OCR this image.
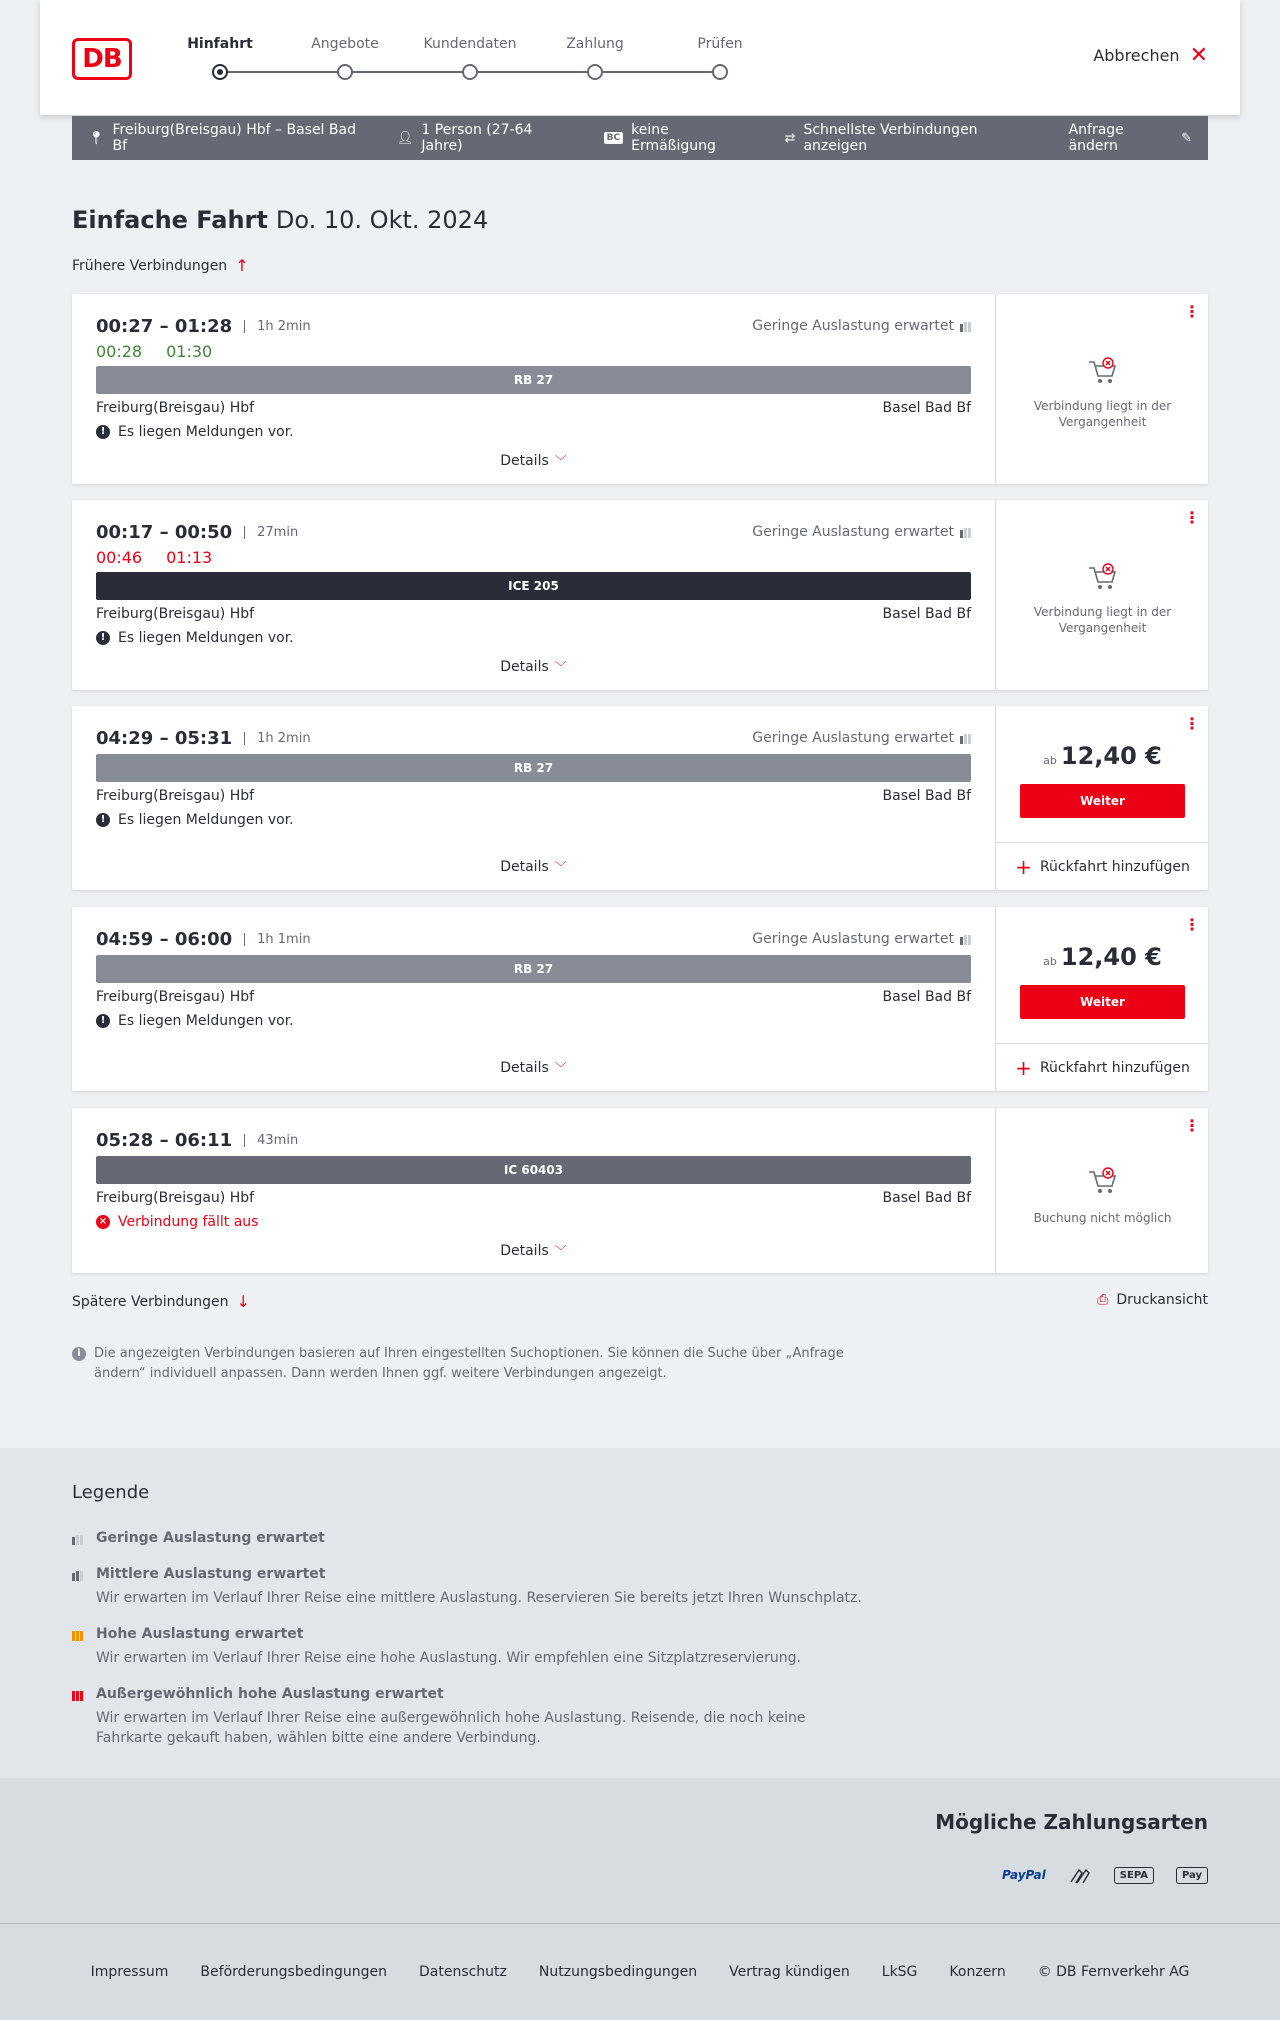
DB	Hinfahrt	Angebote	Kundendaten	Zahlung	Prüfen
Abbrechen ✕
📍︎ Freiburg(Breisgau) Hbf – Basel Bad Bf	👤︎ 1 Person (27-64 Jahre)	BC keine Ermäßigung	⇄ Schnellste Verbindungen anzeigen
Anfrage ändern	✎
Einfache Fahrt Do. 10. Okt. 2024
Frühere Verbindungen ↑
00:27 – 01:28	1h 2min
00:28 01:30
Geringe Auslastung erwartet
RB 27
Freiburg(Breisgau) Hbf	Basel Bad Bf
! Es liegen Meldungen vor.
Details ﹀
⋮
Verbindung liegt in der Vergangenheit
00:17 – 00:50	27min
00:46 01:13
Geringe Auslastung erwartet
ICE 205
Freiburg(Breisgau) Hbf	Basel Bad Bf
! Es liegen Meldungen vor.
Details ﹀
⋮
Verbindung liegt in der Vergangenheit
04:29 – 05:31	1h 2min	Geringe Auslastung erwartet
RB 27
Freiburg(Breisgau) Hbf	Basel Bad Bf
! Es liegen Meldungen vor.
Details ﹀
⋮
ab 12,40 €
Weiter
+ Rückfahrt hinzufügen
04:59 – 06:00	1h 1min	Geringe Auslastung erwartet
RB 27
Freiburg(Breisgau) Hbf	Basel Bad Bf
! Es liegen Meldungen vor.
Details ﹀
⋮
ab 12,40 €
Weiter
+ Rückfahrt hinzufügen
05:28 – 06:11	43min
IC 60403
Freiburg(Breisgau) Hbf	Basel Bad Bf
× Verbindung fällt aus
Details ﹀
⋮
Buchung nicht möglich
Spätere Verbindungen ↓	⎙ Druckansicht
i	Die angezeigten Verbindungen basieren auf Ihren eingestellten Suchoptionen. Sie können die Suche über „Anfrage ändern“ individuell anpassen. Dann werden Ihnen ggf. weitere Verbindungen angezeigt.
Legende
Geringe Auslastung erwartet
Mittlere Auslastung erwartet
Wir erwarten im Verlauf Ihrer Reise eine mittlere Auslastung. Reservieren Sie bereits jetzt Ihren Wunschplatz.
Hohe Auslastung erwartet
Wir erwarten im Verlauf Ihrer Reise eine hohe Auslastung. Wir empfehlen eine Sitzplatzreservierung.
Außergewöhnlich hohe Auslastung erwartet
Wir erwarten im Verlauf Ihrer Reise eine außergewöhnlich hohe Auslastung. Reisende, die noch keine Fahrkarte gekauft haben, wählen bitte eine andere Verbindung.
Mögliche Zahlungsarten
PayPal	SEPA	Pay
Impressum Beförderungsbedingungen Datenschutz Nutzungsbedingungen Vertrag kündigen LkSG Konzern © DB Fernverkehr AG
